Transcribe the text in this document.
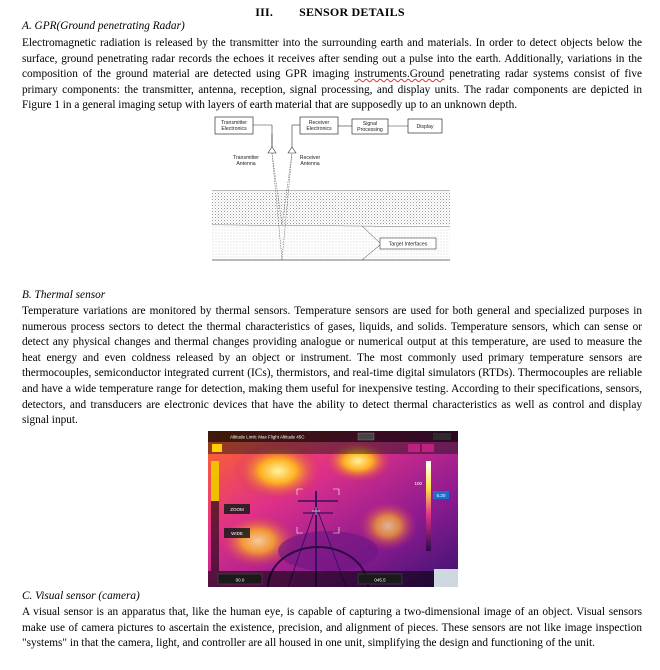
III. SENSOR DETAILS
A. GPR(Ground penetrating Radar)

Electromagnetic radiation is released by the transmitter into the surrounding earth and materials. In order to detect objects below the surface, ground penetrating radar records the echoes it receives after sending out a pulse into the earth. Additionally, variations in the composition of the ground material are detected using GPR imaging instruments.Ground penetrating radar systems consist of five primary components: the transmitter, antenna, reception, signal processing, and display units. The radar components are depicted in Figure 1 in a general imaging setup with layers of earth material that are supposedly up to an unknown depth.

Transmitter
Electronics
Receiver
Electronics
Signal
Processing	Display
Transmitter
Antenna
Receiver
Antenna
Target Interfaces
B. Thermal sensor

Temperature variations are monitored by thermal sensors. Temperature sensors are used for both general and specialized purposes in numerous process sectors to detect the thermal characteristics of gases, liquids, and solids. Temperature sensors, which can sense or detect any physical changes and thermal changes providing analogue or numerical output at this temperature, are used to measure the heat energy and even coldness released by an object or instrument. The most commonly used primary temperature sensors are thermocouples, semiconductor integrated current (ICs), thermistors, and real-time digital simulators (RTDs). Thermocouples are reliable and have a wide temperature range for detection, making them useful for inexpensive testing. According to their specifications, sensors, detectors, and transducers are electronic devices that have the ability to detect thermal characteristics as well as control and display signal input.

Altitude Limit: Max Flight Altitude 45C
ZOOM
WIDE
100
6.20
00.0	045.5
C. Visual sensor (camera)

A visual sensor is an apparatus that, like the human eye, is capable of capturing a two-dimensional image of an object. Visual sensors make use of camera pictures to ascertain the existence, precision, and alignment of pieces. These sensors are not like image inspection "systems" in that the camera, light, and controller are all housed in one unit, simplifying the design and functioning of the unit.
